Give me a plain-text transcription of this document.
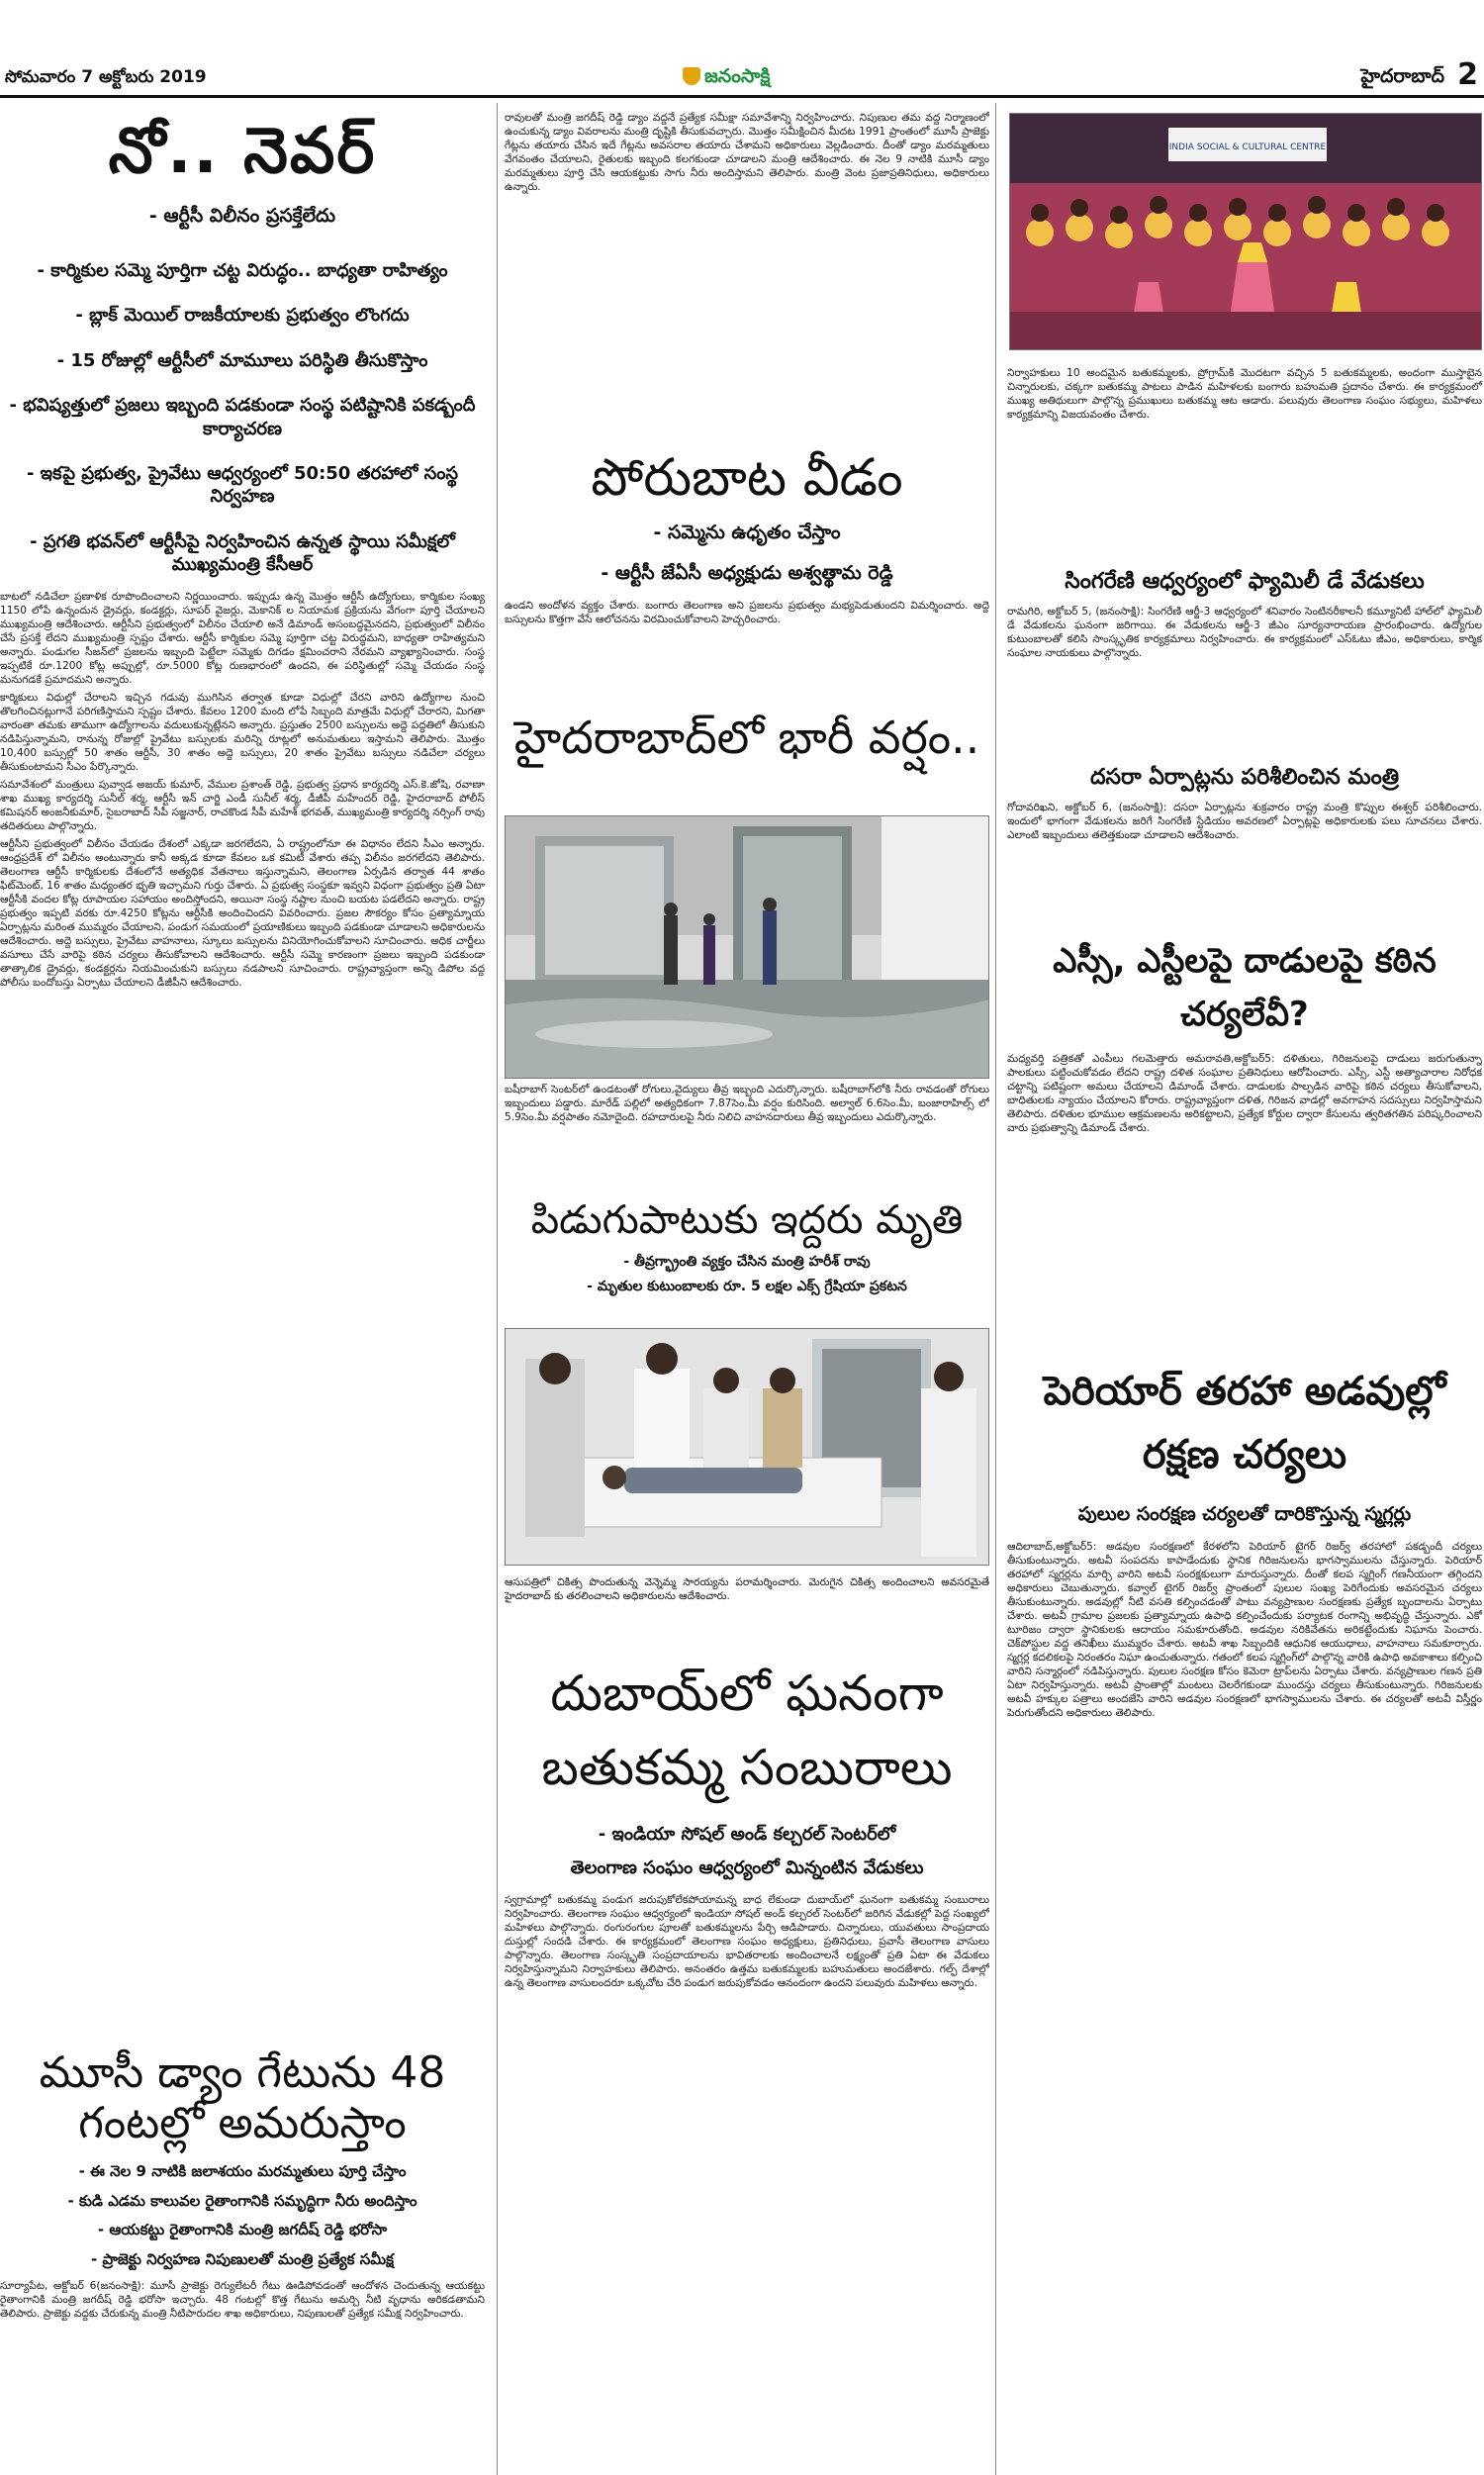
సోమవారం 7 అక్టోబరు 2019	జనంసాక్షి	హైదరాబాద్ 2
నో.. నెవర్
- ఆర్టీసీ విలీనం ప్రసక్తేలేదు
- కార్మికుల సమ్మె పూర్తిగా చట్ట విరుద్ధం.. బాధ్యతా రాహిత్యం
- బ్లాక్ మెయిల్ రాజకీయాలకు ప్రభుత్వం లొంగదు
- 15 రోజుల్లో ఆర్టీసీలో మామూలు పరిస్థితి తీసుకొస్తాం
- భవిష్యత్తులో ప్రజలు ఇబ్బంది పడకుండా సంస్థ పటిష్టానికి పకడ్బందీ కార్యాచరణ
- ఇకపై ప్రభుత్వ, ప్రైవేటు ఆధ్వర్యంలో 50:50 తరహాలో సంస్థ నిర్వహణ
- ప్రగతి భవన్‌లో ఆర్టీసీపై నిర్వహించిన ఉన్నత స్థాయి సమీక్షలో ముఖ్యమంత్రి కేసీఆర్

బాటలో నడిచేలా ప్రణాళిక రూపొందించాలని నిర్ణయించారు. ఇప్పుడు ఉన్న మొత్తం ఆర్టీసీ ఉద్యోగులు, కార్మికుల సంఖ్య 1150 లోపే ఉన్నందున డ్రైవర్లు, కండక్టర్లు, సూపర్ వైజర్లు, మెకానిక్ ల నియామక ప్రక్రియను వేగంగా పూర్తి చేయాలని ముఖ్యమంత్రి ఆదేశించారు. ఆర్టీసీని ప్రభుత్వంలో విలీనం చేయాలి అనే డిమాండ్ అసంబద్ధమైనదని, ప్రభుత్వంలో విలీనం చేసే ప్రసక్తే లేదని ముఖ్యమంత్రి స్పష్టం చేశారు. ఆర్టీసీ కార్మికుల సమ్మె పూర్తిగా చట్ట విరుద్ధమని, బాధ్యతా రాహిత్యమని అన్నారు. పండుగల సీజన్‌లో ప్రజలను ఇబ్బంది పెట్టేలా సమ్మెకు దిగడం క్షమించరాని నేరమని వ్యాఖ్యానించారు. సంస్థ ఇప్పటికే రూ.1200 కోట్ల అప్పుల్లో, రూ.5000 కోట్ల రుణభారంలో ఉందని, ఈ పరిస్థితుల్లో సమ్మె చేయడం సంస్థ మనుగడకే ప్రమాదమని అన్నారు.

కార్మికులు విధుల్లో చేరాలని ఇచ్చిన గడువు ముగిసిన తర్వాత కూడా విధుల్లో చేరని వారిని ఉద్యోగాల నుంచి తొలగించినట్లుగానే పరిగణిస్తామని స్పష్టం చేశారు. కేవలం 1200 మంది లోపే సిబ్బంది మాత్రమే విధుల్లో చేరారని, మిగతా వారంతా తమకు తాముగా ఉద్యోగాలను వదులుకున్నట్లేనని అన్నారు. ప్రస్తుతం 2500 బస్సులను అద్దె పద్ధతిలో తీసుకుని నడిపిస్తున్నామని, రానున్న రోజుల్లో ప్రైవేటు బస్సులకు మరిన్ని రూట్లలో అనుమతులు ఇస్తామని తెలిపారు. మొత్తం 10,400 బస్సుల్లో 50 శాతం ఆర్టీసీ, 30 శాతం అద్దె బస్సులు, 20 శాతం ప్రైవేటు బస్సులు నడిచేలా చర్యలు తీసుకుంటామని సీఎం పేర్కొన్నారు.

సమావేశంలో మంత్రులు పువ్వాడ అజయ్ కుమార్, వేముల ప్రశాంత్ రెడ్డి, ప్రభుత్వ ప్రధాన కార్యదర్శి ఎస్.కె.జోషి, రవాణా శాఖ ముఖ్య కార్యదర్శి సునీల్ శర్మ, ఆర్టీసీ ఇన్ చార్జి ఎండీ సునీల్ శర్మ, డీజీపీ మహేందర్ రెడ్డి, హైదరాబాద్ పోలీస్ కమిషనర్ అంజనీకుమార్, సైబరాబాద్ సీపీ సజ్జనార్, రాచకొండ సీపీ మహేశ్ భగవత్, ముఖ్యమంత్రి కార్యదర్శి నర్సింగ్ రావు తదితరులు పాల్గొన్నారు.

ఆర్టీసీని ప్రభుత్వంలో విలీనం చేయడం దేశంలో ఎక్కడా జరగలేదని, ఏ రాష్ట్రంలోనూ ఈ విధానం లేదని సీఎం అన్నారు. ఆంధ్రప్రదేశ్ లో విలీనం అంటున్నారు కానీ అక్కడ కూడా కేవలం ఒక కమిటీ వేశారు తప్ప విలీనం జరగలేదని తెలిపారు. తెలంగాణ ఆర్టీసీ కార్మికులకు దేశంలోనే అత్యధిక వేతనాలు ఇస్తున్నామని, తెలంగాణ ఏర్పడిన తర్వాత 44 శాతం ఫిట్‌మెంట్, 16 శాతం మధ్యంతర భృతి ఇచ్చామని గుర్తు చేశారు. ఏ ప్రభుత్వ సంస్థకూ ఇవ్వని విధంగా ప్రభుత్వం ప్రతి ఏటా ఆర్టీసీకి వందల కోట్ల రూపాయల సహాయం అందిస్తోందని, అయినా సంస్థ నష్టాల నుంచి బయట పడలేదని అన్నారు. రాష్ట్ర ప్రభుత్వం ఇప్పటి వరకు రూ.4250 కోట్లను ఆర్టీసీకి అందించిందని వివరించారు. ప్రజల సౌకర్యం కోసం ప్రత్యామ్నాయ ఏర్పాట్లను మరింత ముమ్మరం చేయాలని, పండుగ సమయంలో ప్రయాణికులు ఇబ్బంది పడకుండా చూడాలని అధికారులను ఆదేశించారు. అద్దె బస్సులు, ప్రైవేటు వాహనాలు, స్కూలు బస్సులను వినియోగించుకోవాలని సూచించారు. అధిక చార్జీలు వసూలు చేసే వారిపై కఠిన చర్యలు తీసుకోవాలని ఆదేశించారు. ఆర్టీసీ సమ్మె కారణంగా ప్రజలు ఇబ్బంది పడకుండా తాత్కాలిక డ్రైవర్లు, కండక్టర్లను నియమించుకుని బస్సులు నడపాలని సూచించారు. రాష్ట్రవ్యాప్తంగా అన్ని డిపోల వద్ద పోలీసు బందోబస్తు ఏర్పాటు చేయాలని డీజీపీని ఆదేశించారు.

మూసీ డ్యాం గేటును 48 గంటల్లో అమరుస్తాం
- ఈ నెల 9 నాటికి జలాశయం మరమ్మతులు పూర్తి చేస్తాం
- కుడి ఎడమ కాలువల రైతాంగానికి సమృద్ధిగా నీరు అందిస్తాం
- ఆయకట్టు రైతాంగానికి మంత్రి జగదీష్ రెడ్డి భరోసా
- ప్రాజెక్టు నిర్వహణ నిపుణులతో మంత్రి ప్రత్యేక సమీక్ష
సూర్యాపేట, అక్టోబర్ 6(జనంసాక్షి): మూసీ ప్రాజెక్టు రెగ్యులేటరీ గేటు ఊడిపోవడంతో ఆందోళన చెందుతున్న ఆయకట్టు రైతాంగానికి మంత్రి జగదీష్ రెడ్డి భరోసా ఇచ్చారు. 48 గంటల్లో కొత్త గేటును అమర్చి నీటి వృధాను అరికడతామని తెలిపారు. ప్రాజెక్టు వద్దకు చేరుకున్న మంత్రి నీటిపారుదల శాఖ అధికారులు, నిపుణులతో ప్రత్యేక సమీక్ష నిర్వహించారు.
రావులతో మంత్రి జగదీష్ రెడ్డి డ్యాం వద్దనే ప్రత్యేక సమీక్షా సమావేశాన్ని నిర్వహించారు. నిపుణుల తమ వద్ద నిర్మాణంలో ఉంచుకున్న డ్యాం వివరాలను మంత్రి దృష్టికి తీసుకువచ్చారు. మొత్తం సమీక్షించిన మీదట 1991 ప్రాంతంలో మూసీ ప్రాజెక్టు గేట్లను తయారు చేసిన ఇదే గేట్లను అవసరాల తయారు చేశామని అధికారులు వెల్లడించారు. దీంతో డ్యాం మరమ్మతులు వేగవంతం చేయాలని, రైతులకు ఇబ్బంది కలగకుండా చూడాలని మంత్రి ఆదేశించారు. ఈ నెల 9 నాటికి మూసీ డ్యాం మరమ్మతులు పూర్తి చేసి ఆయకట్టుకు సాగు నీరు అందిస్తామని తెలిపారు. మంత్రి వెంట ప్రజాప్రతినిధులు, అధికారులు ఉన్నారు.
పోరుబాట వీడం
- సమ్మెను ఉధృతం చేస్తాం
- ఆర్టీసీ జేఏసీ అధ్యక్షుడు అశ్వత్థామ రెడ్డి
ఉండని అందోళన వ్యక్తం చేశారు. బంగారు తెలంగాణ అని ప్రజలను ప్రభుత్వం మభ్యపెడుతుందని విమర్శించారు. అద్దె బస్సులను కొత్తగా వేసే ఆలోచనను విరమించుకోవాలని హెచ్చరించారు.
హైదరాబాద్‌లో భారీ వర్షం..
బషీరాబాగ్ సెంటర్‌లో ఉండటంతో రోగులు,వైద్యులు తీవ్ర ఇబ్బంది ఎదుర్కొన్నారు. బషీరాబాగ్‌లోకి నీరు రావడంతో రోగులు ఇబ్బందులు పడ్డారు. మారేడ్ పల్లిలో అత్యధికంగా 7.87సెం.మీ వర్షం కురిసింది. అల్వాల్ 6.6సెం.మీ, బంజారాహిల్స్ లో 5.9సెం.మీ వర్షపాతం నమోదైంది. రహదారులపై నీరు నిలిచి వాహనదారులు తీవ్ర ఇబ్బందులు ఎదుర్కొన్నారు.
పిడుగుపాటుకు ఇద్దరు మృతి
- తీవ్రగ్భ్రాంతి వ్యక్తం చేసిన మంత్రి హరీశ్ రావు
- మృతుల కుటుంబాలకు రూ. 5 లక్షల ఎక్స్ గ్రేషియా ప్రకటన
ఆసుపత్రిలో చికిత్స పొందుతున్న వెన్నెమ్మ సారయ్యను పరామర్శించారు. మెరుగైన చికిత్స అందించాలని అవసరమైతే హైదరాబాద్ కు తరలించాలని అధికారులను ఆదేశించారు.
దుబాయ్‌లో ఘనంగా బతుకమ్మ సంబురాలు
- ఇండియా సోషల్ అండ్ కల్చరల్ సెంటర్‌లో
తెలంగాణ సంఘం ఆధ్వర్యంలో మిన్నంటిన వేడుకలు
స్వగ్రామాల్లో బతుకమ్మ పండుగ జరుపుకోలేకపోయామన్న బాధ లేకుండా దుబాయ్‌లో ఘనంగా బతుకమ్మ సంబురాలు నిర్వహించారు. తెలంగాణ సంఘం ఆధ్వర్యంలో ఇండియా సోషల్ అండ్ కల్చరల్ సెంటర్‌లో జరిగిన వేడుకల్లో పెద్ద సంఖ్యలో మహిళలు పాల్గొన్నారు. రంగురంగుల పూలతో బతుకమ్మలను పేర్చి ఆడిపాడారు. చిన్నారులు, యువతులు సాంప్రదాయ దుస్తుల్లో సందడి చేశారు. ఈ కార్యక్రమంలో తెలంగాణ సంఘం అధ్యక్షులు, ప్రతినిధులు, ప్రవాసీ తెలంగాణ వాసులు పాల్గొన్నారు. తెలంగాణ సంస్కృతి సంప్రదాయాలను భావితరాలకు అందించాలనే లక్ష్యంతో ప్రతి ఏటా ఈ వేడుకలు నిర్వహిస్తున్నామని నిర్వాహకులు తెలిపారు. అనంతరం ఉత్తమ బతుకమ్మలకు బహుమతులు అందజేశారు. గల్ఫ్ దేశాల్లో ఉన్న తెలంగాణ వాసులందరూ ఒక్కచోట చేరి పండుగ జరుపుకోవడం ఆనందంగా ఉందని పలువురు మహిళలు అన్నారు.
INDIA SOCIAL & CULTURAL CENTRE
నిర్వాహకులు 10 అందమైన బతుకమ్మలకు, ప్రోగ్రామ్‌కి మొదటగా వచ్చిన 5 బతుకమ్మలకు, అందంగా ముస్తాబైన చిన్నారులకు, చక్కగా బతుకమ్మ పాటలు పాడిన మహిళలకు బంగారు బహుమతి ప్రదానం చేశారు. ఈ కార్యక్రమంలో ముఖ్య అతిథులుగా పాల్గొన్న ప్రముఖులు బతుకమ్మ ఆట ఆడారు. పలువురు తెలంగాణ సంఘం సభ్యులు, మహిళలు కార్యక్రమాన్ని విజయవంతం చేశారు.
సింగరేణి ఆధ్వర్యంలో ఫ్యామిలీ డే వేడుకలు
రామగిరి, అక్టోబర్ 5, (జనంసాక్షి): సింగరేణి ఆర్జీ-3 ఆధ్వర్యంలో శనివారం సెంటినరీకాలనీ కమ్యూనిటీ హాల్‌లో ఫ్యామిలీ డే వేడుకలను ఘనంగా జరిగాయి. ఈ వేడుకలను ఆర్జీ-3 జీఎం సూర్యనారాయణ ప్రారంభించారు. ఉద్యోగుల కుటుంబాలతో కలిసి సాంస్కృతిక కార్యక్రమాలు నిర్వహించారు. ఈ కార్యక్రమంలో ఎస్ఓటు జీఎం, అధికారులు, కార్మిక సంఘాల నాయకులు పాల్గొన్నారు.
దసరా ఏర్పాట్లను పరిశీలించిన మంత్రి
గోదావరిఖని, అక్టోబర్ 6, (జనంసాక్షి): దసరా ఏర్పాట్లను శుక్రవారం రాష్ట్ర మంత్రి కొప్పుల ఈశ్వర్ పరిశీలించారు. ఇందులో భాగంగా వేడుకలను జరిగే సింగరేణి స్టేడియం అవరణలో ఏర్పాట్లపై అధికారులకు పలు సూచనలు చేశారు. ఎలాంటి ఇబ్బందులు తలెత్తకుండా చూడాలని ఆదేశించారు.
ఎస్సీ, ఎస్టీలపై దాడులపై కఠిన చర్యలేవీ?
మధ్యవర్తి పత్రికతో ఎంపీలు గలమెత్తారు అమరావతి,అక్టోబర్5: దళితులు, గిరిజనులపై దాడులు జరుగుతున్నా పాలకులు పట్టించుకోవడం లేదని రాష్ట్ర దళిత సంఘాల ప్రతినిధులు ఆరోపించారు. ఎస్సీ, ఎస్టీ అత్యాచారాల నిరోధక చట్టాన్ని పటిష్టంగా అమలు చేయాలని డిమాండ్ చేశారు. దాడులకు పాల్పడిన వారిపై కఠిన చర్యలు తీసుకోవాలని, బాధితులకు న్యాయం చేయాలని కోరారు. రాష్ట్రవ్యాప్తంగా దళిత, గిరిజన వాడల్లో అవగాహన సదస్సులు నిర్వహిస్తామని తెలిపారు. దళితుల భూముల ఆక్రమణలను అరికట్టాలని, ప్రత్యేక కోర్టుల ద్వారా కేసులను త్వరితగతిన పరిష్కరించాలని వారు ప్రభుత్వాన్ని డిమాండ్ చేశారు.
పెరియార్ తరహా అడవుల్లో రక్షణ చర్యలు
పులుల సంరక్షణ చర్యలతో దారికొస్తున్న స్మగ్లర్లు
ఆదిలాబాద్,అక్టోబర్5: అడవుల సంరక్షణలో కేరళలోని పెరియార్ టైగర్ రిజర్వ్ తరహాలో పకడ్బందీ చర్యలు తీసుకుంటున్నారు. అటవీ సంపదను కాపాడేందుకు స్థానిక గిరిజనులను భాగస్వాములను చేస్తున్నారు. పెరియార్ తరహాలో స్మగ్లర్లను మార్చి వారిని అటవీ సంరక్షకులుగా మారుస్తున్నారు. దీంతో కలప స్మగ్లింగ్ గణనీయంగా తగ్గిందని అధికారులు చెబుతున్నారు. కవ్వాల్ టైగర్ రిజర్వ్ ప్రాంతంలో పులుల సంఖ్య పెరిగేందుకు అవసరమైన చర్యలు తీసుకుంటున్నారు. అడవుల్లో నీటి వసతి కల్పించడంతో పాటు వన్యప్రాణుల సంరక్షణకు ప్రత్యేక బృందాలను ఏర్పాటు చేశారు. అటవీ గ్రామాల ప్రజలకు ప్రత్యామ్నాయ ఉపాధి కల్పించేందుకు పర్యాటక రంగాన్ని అభివృద్ధి చేస్తున్నారు. ఎకో టూరిజం ద్వారా స్థానికులకు ఆదాయం సమకూరుతోంది. అడవుల నరికివేతను అరికట్టేందుకు నిఘాను పెంచారు. చెక్‌పోస్టుల వద్ద తనిఖీలు ముమ్మరం చేశారు. అటవీ శాఖ సిబ్బందికి ఆధునిక ఆయుధాలు, వాహనాలు సమకూర్చారు. స్మగ్లర్ల కదలికలపై నిరంతరం నిఘా ఉంచుతున్నారు. గతంలో కలప స్మగ్లింగ్‌లో పాల్గొన్న వారికి ఉపాధి అవకాశాలు కల్పించి వారిని సన్మార్గంలో నడిపిస్తున్నారు. పులుల సంరక్షణ కోసం కెమెరా ట్రాప్‌లను ఏర్పాటు చేశారు. వన్యప్రాణుల గణన ప్రతి ఏటా నిర్వహిస్తున్నారు. అటవీ ప్రాంతాల్లో మంటలు చెలరేగకుండా ముందస్తు చర్యలు తీసుకుంటున్నారు. గిరిజనులకు అటవీ హక్కుల పత్రాలు అందజేసి వారిని అడవుల సంరక్షణలో భాగస్వాములను చేశారు. ఈ చర్యలతో అటవీ విస్తీర్ణం పెరుగుతోందని అధికారులు తెలిపారు.
